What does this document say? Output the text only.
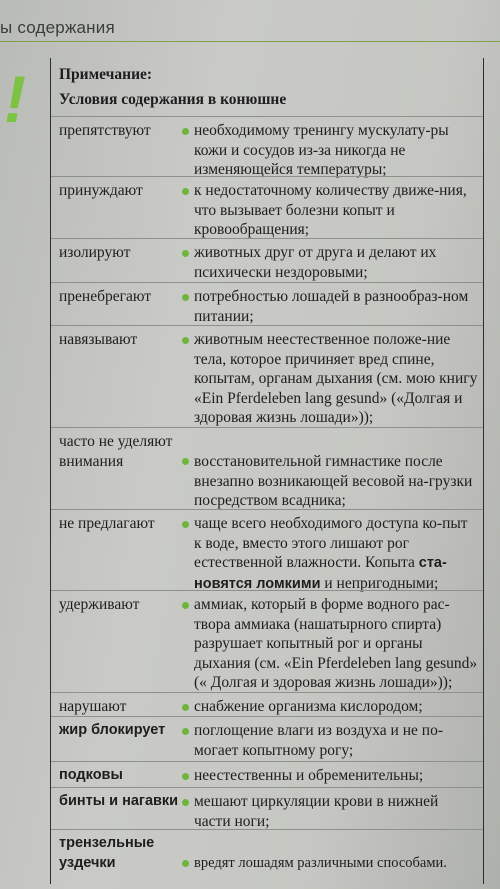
ы содержания
!	Примечание:
Условия содержания в конюшне
препятствуют	необходимому тренингу мускулату-ры кожи и сосудов из-за никогда не изменяющейся температуры;
принуждают	к недостаточному количеству движе-ния, что вызывает болезни копыт и кровообращения;
изолируют	животных друг от друга и делают их психически нездоровыми;
пренебрегают	потребностью лошадей в разнообраз-ном питании;
навязывают	животным неестественное положе-ние тела, которое причиняет вред спине, копытам, органам дыхания (см. мою книгу «Ein Pferdeleben lang gesund» («Долгая и здоровая жизнь лошади»));
часто не уделяют внимания	восстановительной гимнастике после внезапно возникающей весовой на-грузки посредством всадника;
не предлагают	чаще всего необходимого доступа ко-пыт к воде, вместо этого лишают рог естественной влажности. Копыта ста-новятся ломкими и непригодными;
удерживают	аммиак, который в форме водного рас-твора аммиака (нашатырного спирта) разрушает копытный рог и органы дыхания (см. «Ein Pferdeleben lang gesund» (« Долгая и здоровая жизнь лошади»));
нарушают	снабжение организма кислородом;
жир блокирует	поглощение влаги из воздуха и не по-могает копытному рогу;
подковы	неестественны и обременительны;
бинты и нагавки	мешают циркуляции крови в нижней части ноги;
трензельные уздечки	вредят лошадям различными способами.
